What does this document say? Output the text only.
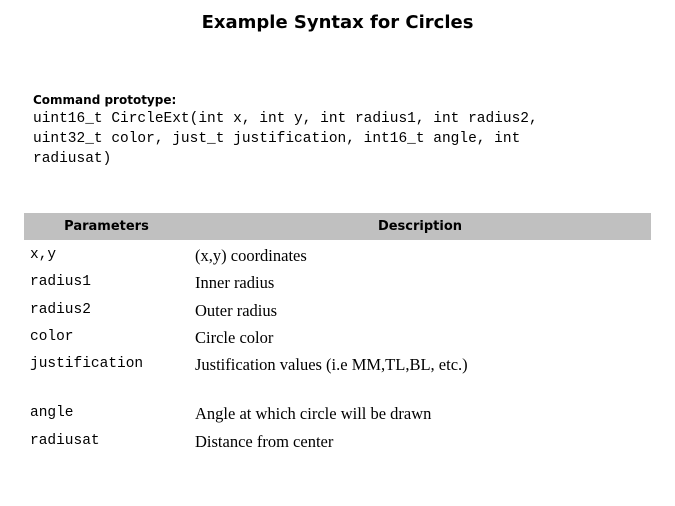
Example Syntax for Circles
Command prototype:
uint16_t CircleExt(int x, int y, int radius1, int radius2,
uint32_t color, just_t justification, int16_t angle, int
radiusat)
Parameters	Description
x,y	(x,y) coordinates
radius1	Inner radius
radius2	Outer radius
color	Circle color
justification	Justification values (i.e MM,TL,BL, etc.)
angle	Angle at which circle will be drawn
radiusat	Distance from center
